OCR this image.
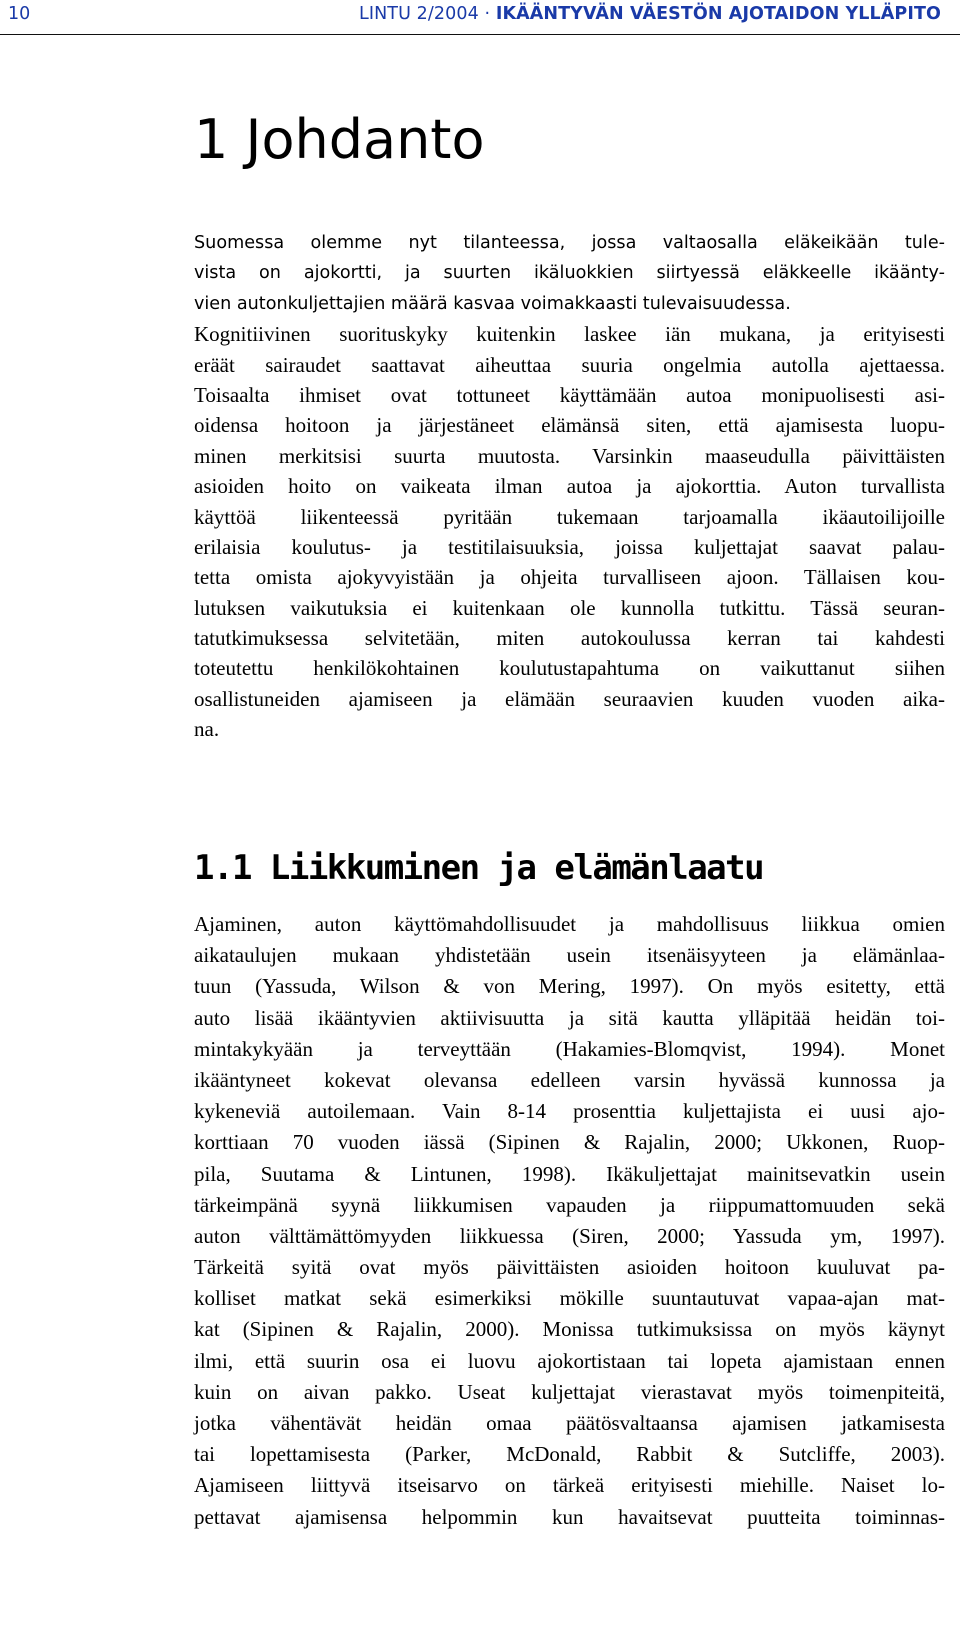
10	LINTU 2/2004 · IKÄÄNTYVÄN VÄESTÖN AJOTAIDON YLLÄPITO
1 Johdanto
Suomessa olemme nyt tilanteessa, jossa valtaosalla eläkeikään tule-
vista on ajokortti, ja suurten ikäluokkien siirtyessä eläkkeelle ikäänty-
vien autonkuljettajien määrä kasvaa voimakkaasti tulevaisuudessa.
Kognitiivinen suorituskyky kuitenkin laskee iän mukana, ja erityisesti
eräät sairaudet saattavat aiheuttaa suuria ongelmia autolla ajettaessa.
Toisaalta ihmiset ovat tottuneet käyttämään autoa monipuolisesti asi-
oidensa hoitoon ja järjestäneet elämänsä siten, että ajamisesta luopu-
minen merkitsisi suurta muutosta. Varsinkin maaseudulla päivittäisten
asioiden hoito on vaikeata ilman autoa ja ajokorttia. Auton turvallista
käyttöä liikenteessä pyritään tukemaan tarjoamalla ikäautoilijoille
erilaisia koulutus- ja testitilaisuuksia, joissa kuljettajat saavat palau-
tetta omista ajokyvyistään ja ohjeita turvalliseen ajoon. Tällaisen kou-
lutuksen vaikutuksia ei kuitenkaan ole kunnolla tutkittu. Tässä seuran-
tatutkimuksessa selvitetään, miten autokoulussa kerran tai kahdesti
toteutettu henkilökohtainen koulutustapahtuma on vaikuttanut siihen
osallistuneiden ajamiseen ja elämään seuraavien kuuden vuoden aika-
na.
1.1 Liikkuminen ja elämänlaatu
Ajaminen, auton käyttömahdollisuudet ja mahdollisuus liikkua omien
aikataulujen mukaan yhdistetään usein itsenäisyyteen ja elämänlaa-
tuun (Yassuda, Wilson & von Mering, 1997). On myös esitetty, että
auto lisää ikääntyvien aktiivisuutta ja sitä kautta ylläpitää heidän toi-
mintakykyään ja terveyttään (Hakamies-Blomqvist, 1994). Monet
ikääntyneet kokevat olevansa edelleen varsin hyvässä kunnossa ja
kykeneviä autoilemaan. Vain 8-14 prosenttia kuljettajista ei uusi ajo-
korttiaan 70 vuoden iässä (Sipinen & Rajalin, 2000; Ukkonen, Ruop-
pila, Suutama & Lintunen, 1998). Ikäkuljettajat mainitsevatkin usein
tärkeimpänä syynä liikkumisen vapauden ja riippumattomuuden sekä
auton välttämättömyyden liikkuessa (Siren, 2000; Yassuda ym, 1997).
Tärkeitä syitä ovat myös päivittäisten asioiden hoitoon kuuluvat pa-
kolliset matkat sekä esimerkiksi mökille suuntautuvat vapaa-ajan mat-
kat (Sipinen & Rajalin, 2000). Monissa tutkimuksissa on myös käynyt
ilmi, että suurin osa ei luovu ajokortistaan tai lopeta ajamistaan ennen
kuin on aivan pakko. Useat kuljettajat vierastavat myös toimenpiteitä,
jotka vähentävät heidän omaa päätösvaltaansa ajamisen jatkamisesta
tai lopettamisesta (Parker, McDonald, Rabbit & Sutcliffe, 2003).
Ajamiseen liittyvä itseisarvo on tärkeä erityisesti miehille. Naiset lo-
pettavat ajamisensa helpommin kun havaitsevat puutteita toiminnas-
